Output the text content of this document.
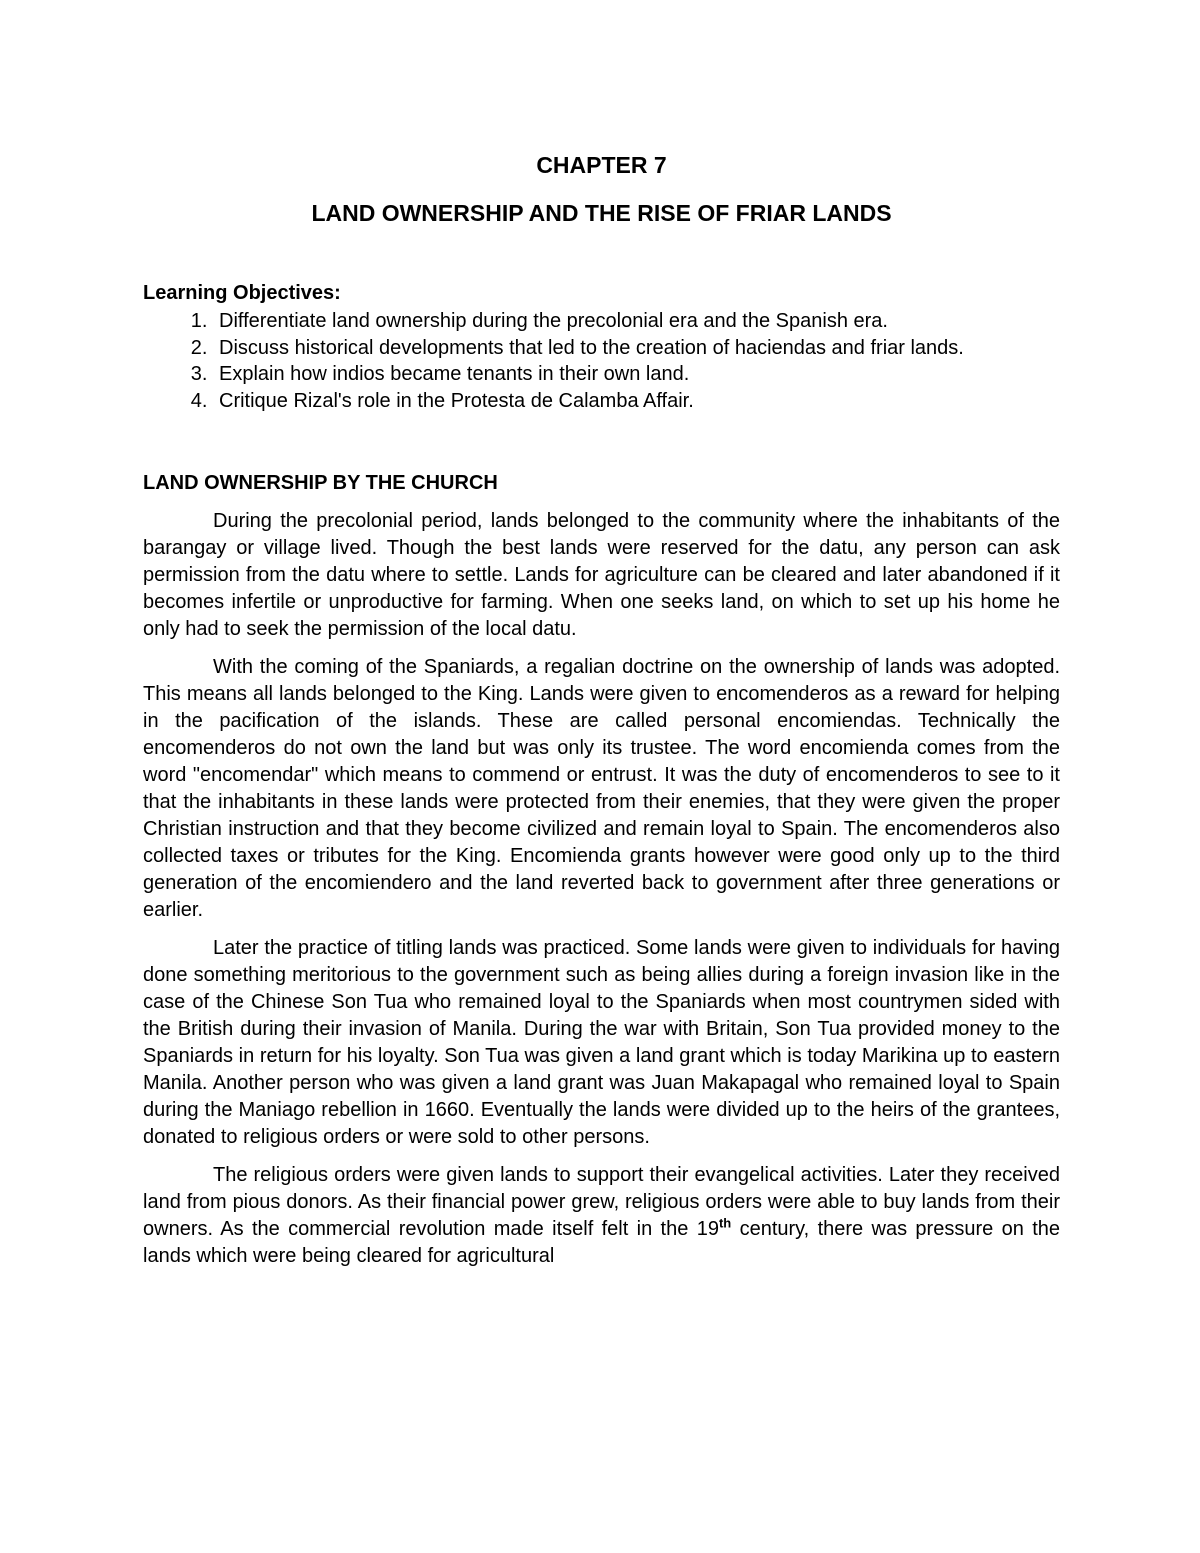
CHAPTER 7

LAND OWNERSHIP AND THE RISE OF FRIAR LANDS

Learning Objectives:

1. Differentiate land ownership during the precolonial era and the Spanish era.
2. Discuss historical developments that led to the creation of haciendas and friar lands.
3. Explain how indios became tenants in their own land.
4. Critique Rizal's role in the Protesta de Calamba Affair.

LAND OWNERSHIP BY THE CHURCH

During the precolonial period, lands belonged to the community where the inhabitants of the barangay or village lived. Though the best lands were reserved for the datu, any person can ask permission from the datu where to settle. Lands for agriculture can be cleared and later abandoned if it becomes infertile or unproductive for farming. When one seeks land, on which to set up his home he only had to seek the permission of the local datu.

With the coming of the Spaniards, a regalian doctrine on the ownership of lands was adopted. This means all lands belonged to the King. Lands were given to encomenderos as a reward for helping in the pacification of the islands. These are called personal encomiendas. Technically the encomenderos do not own the land but was only its trustee. The word encomienda comes from the word "encomendar" which means to commend or entrust. It was the duty of encomenderos to see to it that the inhabitants in these lands were protected from their enemies, that they were given the proper Christian instruction and that they become civilized and remain loyal to Spain. The encomenderos also collected taxes or tributes for the King. Encomienda grants however were good only up to the third generation of the encomiendero and the land reverted back to government after three generations or earlier.

Later the practice of titling lands was practiced. Some lands were given to individuals for having done something meritorious to the government such as being allies during a foreign invasion like in the case of the Chinese Son Tua who remained loyal to the Spaniards when most countrymen sided with the British during their invasion of Manila. During the war with Britain, Son Tua provided money to the Spaniards in return for his loyalty. Son Tua was given a land grant which is today Marikina up to eastern Manila. Another person who was given a land grant was Juan Makapagal who remained loyal to Spain during the Maniago rebellion in 1660. Eventually the lands were divided up to the heirs of the grantees, donated to religious orders or were sold to other persons.

The religious orders were given lands to support their evangelical activities. Later they received land from pious donors. As their financial power grew, religious orders were able to buy lands from their owners. As the commercial revolution made itself felt in the 19th century, there was pressure on the lands which were being cleared for agricultural
